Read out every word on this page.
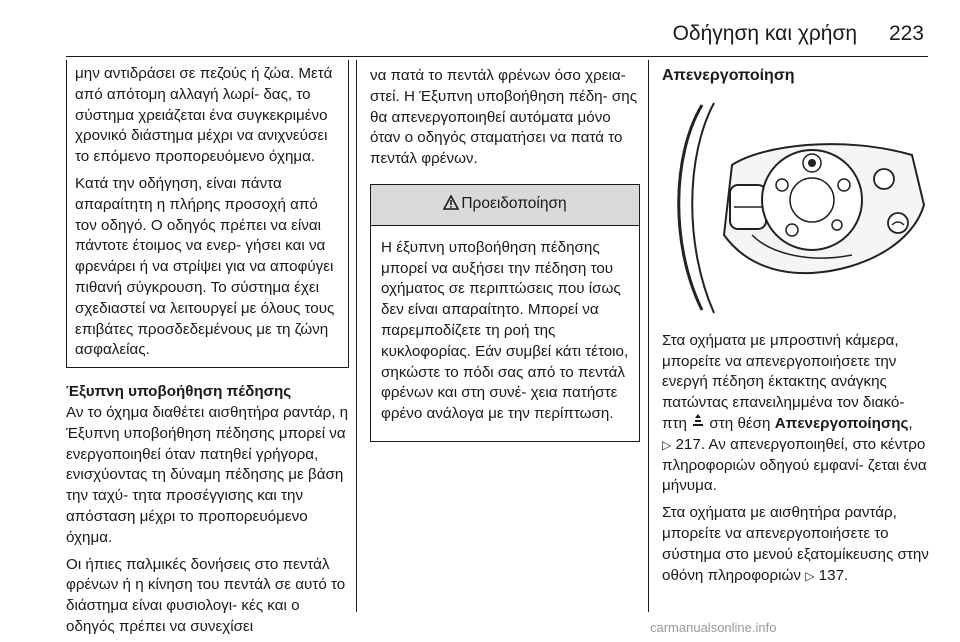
Οδήγηση και χρήση 223

μην αντιδράσει σε πεζούς ή ζώα. Μετά από απότομη αλλαγή λωρί- δας, το σύστημα χρειάζεται ένα συγκεκριμένο χρονικό διάστημα μέχρι να ανιχνεύσει το επόμενο προπορευόμενο όχημα.

Κατά την οδήγηση, είναι πάντα απαραίτητη η πλήρης προσοχή από τον οδηγό. Ο οδηγός πρέπει να είναι πάντοτε έτοιμος να ενερ- γήσει και να φρενάρει ή να στρίψει για να αποφύγει πιθανή σύγκρουση. Το σύστημα έχει σχεδιαστεί να λειτουργεί με όλους τους επιβάτες προσδεδεμένους με τη ζώνη ασφαλείας.

Έξυπνη υποβοήθηση πέδησης

Αν το όχημα διαθέτει αισθητήρα ραντάρ, η Έξυπνη υποβοήθηση πέδησης μπορεί να ενεργοποιηθεί όταν πατηθεί γρήγορα, ενισχύοντας τη δύναμη πέδησης με βάση την ταχύ- τητα προσέγγισης και την απόσταση μέχρι το προπορευόμενο όχημα.

Οι ήπιες παλμικές δονήσεις στο πεντάλ φρένων ή η κίνηση του πεντάλ σε αυτό το διάστημα είναι φυσιολογι- κές και ο οδηγός πρέπει να συνεχίσει

να πατά το πεντάλ φρένων όσο χρεια- στεί. Η Έξυπνη υποβοήθηση πέδη- σης θα απενεργοποιηθεί αυτόματα μόνο όταν ο οδηγός σταματήσει να πατά το πεντάλ φρένων.

Προειδοποίηση

Η έξυπνη υποβοήθηση πέδησης μπορεί να αυξήσει την πέδηση του οχήματος σε περιπτώσεις που ίσως δεν είναι απαραίτητο. Μπορεί να παρεμποδίζετε τη ροή της κυκλοφορίας. Εάν συμβεί κάτι τέτοιο, σηκώστε το πόδι σας από το πεντάλ φρένων και στη συνέ- χεια πατήστε φρένο ανάλογα με την περίπτωση.

Απενεργοποίηση

Στα οχήματα με μπροστινή κάμερα, μπορείτε να απενεργοποιήσετε την ενεργή πέδηση έκτακτης ανάγκης πατώντας επανειλημμένα τον διακό- πτη στη θέση Απενεργοποίησης,
▷ 217. Αν απενεργοποιηθεί, στο κέντρο πληροφοριών οδηγού εμφανί- ζεται ένα μήνυμα.

Στα οχήματα με αισθητήρα ραντάρ, μπορείτε να απενεργοποιήσετε το σύστημα στο μενού εξατομίκευσης στην οθόνη πληροφοριών ▷ 137.

carmanualsonline.info
